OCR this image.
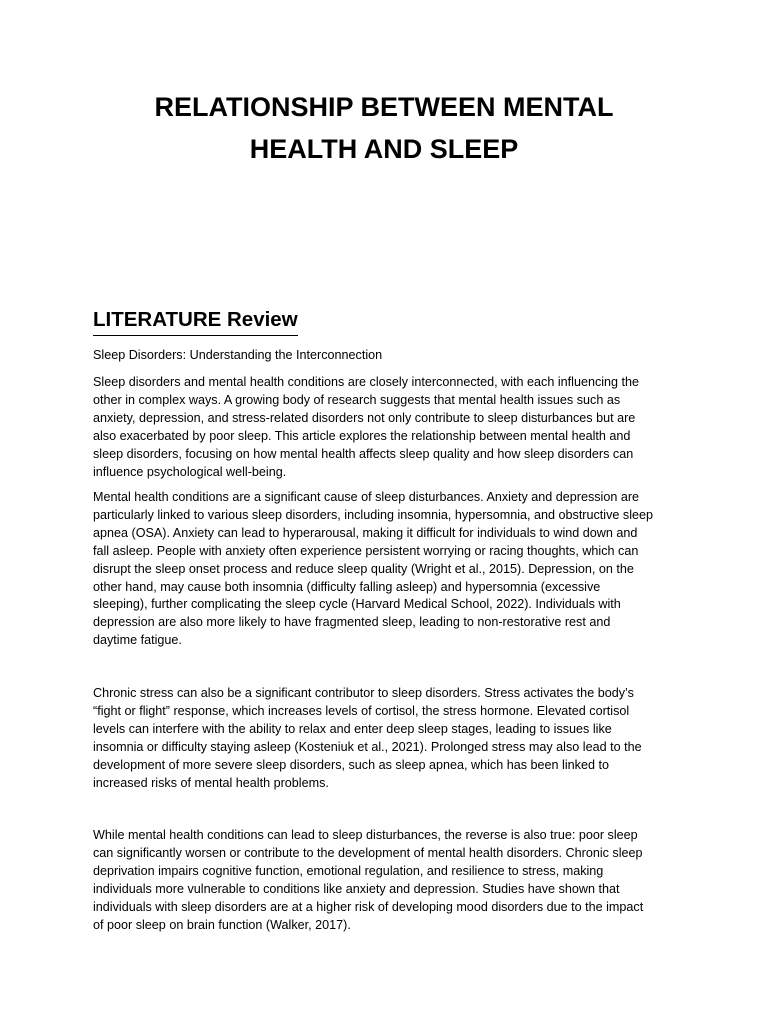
RELATIONSHIP BETWEEN MENTAL
HEALTH AND SLEEP
LITERATURE Review

Sleep Disorders: Understanding the Interconnection

Sleep disorders and mental health conditions are closely interconnected, with each influencing the
other in complex ways. A growing body of research suggests that mental health issues such as
anxiety, depression, and stress-related disorders not only contribute to sleep disturbances but are
also exacerbated by poor sleep. This article explores the relationship between mental health and
sleep disorders, focusing on how mental health affects sleep quality and how sleep disorders can
influence psychological well-being.

Mental health conditions are a significant cause of sleep disturbances. Anxiety and depression are
particularly linked to various sleep disorders, including insomnia, hypersomnia, and obstructive sleep
apnea (OSA). Anxiety can lead to hyperarousal, making it difficult for individuals to wind down and
fall asleep. People with anxiety often experience persistent worrying or racing thoughts, which can
disrupt the sleep onset process and reduce sleep quality (Wright et al., 2015). Depression, on the
other hand, may cause both insomnia (difficulty falling asleep) and hypersomnia (excessive
sleeping), further complicating the sleep cycle (Harvard Medical School, 2022). Individuals with
depression are also more likely to have fragmented sleep, leading to non-restorative rest and
daytime fatigue.

Chronic stress can also be a significant contributor to sleep disorders. Stress activates the body’s
“fight or flight” response, which increases levels of cortisol, the stress hormone. Elevated cortisol
levels can interfere with the ability to relax and enter deep sleep stages, leading to issues like
insomnia or difficulty staying asleep (Kosteniuk et al., 2021). Prolonged stress may also lead to the
development of more severe sleep disorders, such as sleep apnea, which has been linked to
increased risks of mental health problems.

While mental health conditions can lead to sleep disturbances, the reverse is also true: poor sleep
can significantly worsen or contribute to the development of mental health disorders. Chronic sleep
deprivation impairs cognitive function, emotional regulation, and resilience to stress, making
individuals more vulnerable to conditions like anxiety and depression. Studies have shown that
individuals with sleep disorders are at a higher risk of developing mood disorders due to the impact
of poor sleep on brain function (Walker, 2017).
